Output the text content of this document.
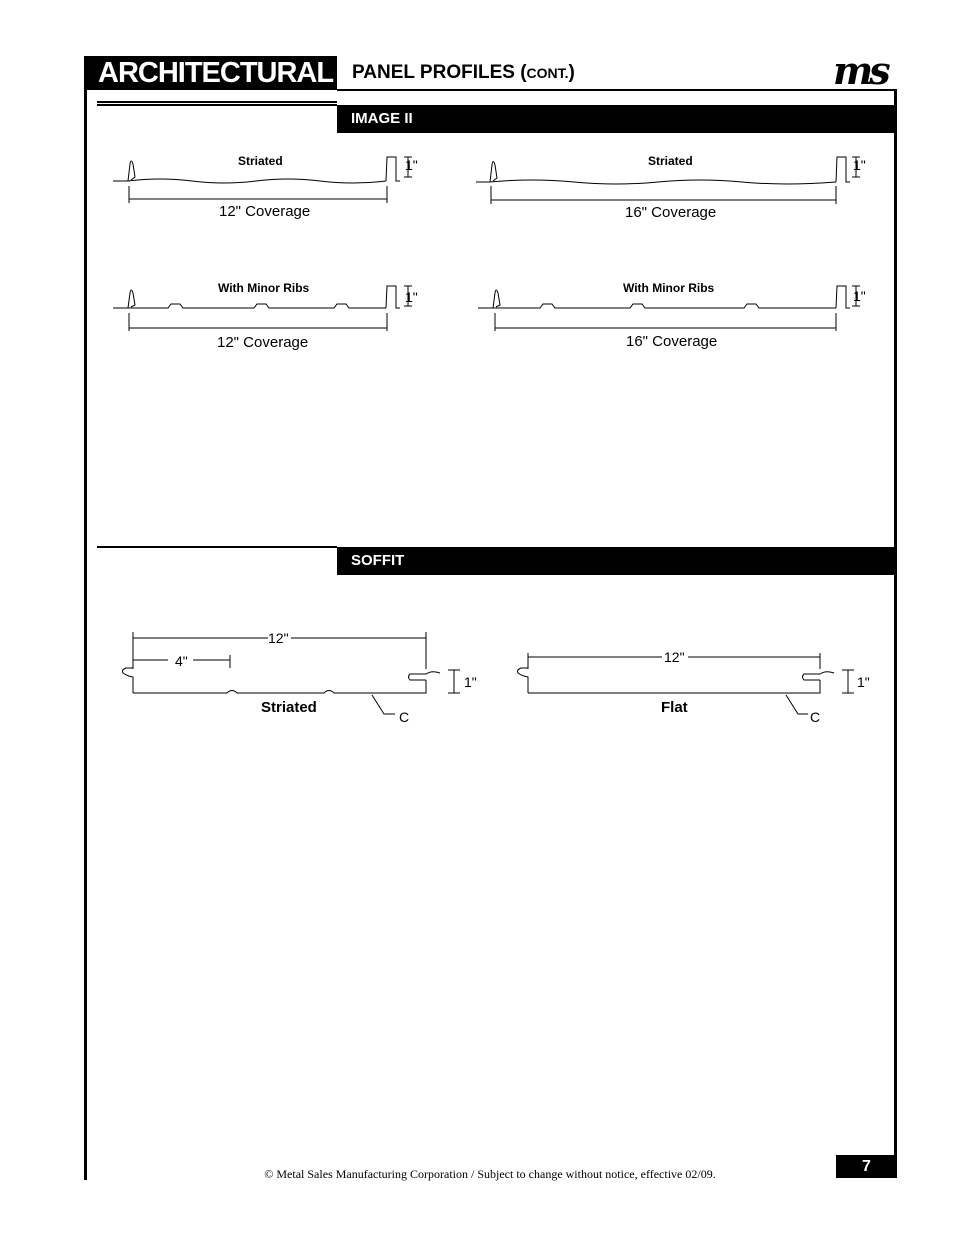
ARCHITECTURAL PANEL PROFILES (CONT.)	ms
IMAGE II
Striated	1"
12" Coverage
Striated	1"
16" Coverage
With Minor Ribs
1"
12" Coverage
With Minor Ribs	1"
16" Coverage
SOFFIT
12"
4"
1"
Striated
C
12"
1"
Flat
C
© Metal Sales Manufacturing Corporation / Subject to change without notice, effective 02/09.	7
